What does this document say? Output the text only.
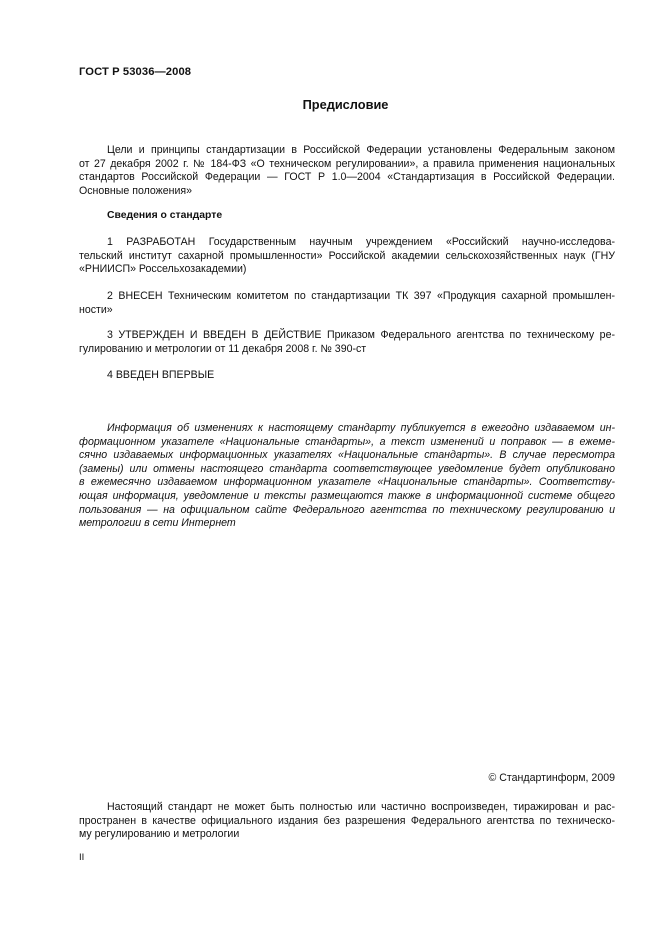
ГОСТ Р 53036—2008
Предисловие
Цели и принципы стандартизации в Российской Федерации установлены Федеральным законом
от 27 декабря 2002 г. № 184-ФЗ «О техническом регулировании», а правила применения национальных
стандартов Российской Федерации — ГОСТ Р 1.0—2004 «Стандартизация в Российской Федерации.
Основные положения»
Сведения о стандарте
1 РАЗРАБОТАН Государственным научным учреждением «Российский научно-исследова-
тельский институт сахарной промышленности» Российской академии сельскохозяйственных наук (ГНУ
«РНИИСП» Россельхозакадемии)
2 ВНЕСЕН Техническим комитетом по стандартизации ТК 397 «Продукция сахарной промышлен-
ности»
3 УТВЕРЖДЕН И ВВЕДЕН В ДЕЙСТВИЕ Приказом Федерального агентства по техническому ре-
гулированию и метрологии от 11 декабря 2008 г. № 390-ст
4 ВВЕДЕН ВПЕРВЫЕ
Информация об изменениях к настоящему стандарту публикуется в ежегодно издаваемом ин-
формационном указателе «Национальные стандарты», а текст изменений и поправок — в ежеме-
сячно издаваемых информационных указателях «Национальные стандарты». В случае пересмотра
(замены) или отмены настоящего стандарта соответствующее уведомление будет опубликовано
в ежемесячно издаваемом информационном указателе «Национальные стандарты». Соответству-
ющая информация, уведомление и тексты размещаются также в информационной системе общего
пользования — на официальном сайте Федерального агентства по техническому регулированию и
метрологии в сети Интернет
© Стандартинформ, 2009
Настоящий стандарт не может быть полностью или частично воспроизведен, тиражирован и рас-
пространен в качестве официального издания без разрешения Федерального агентства по техническо-
му регулированию и метрологии
II
